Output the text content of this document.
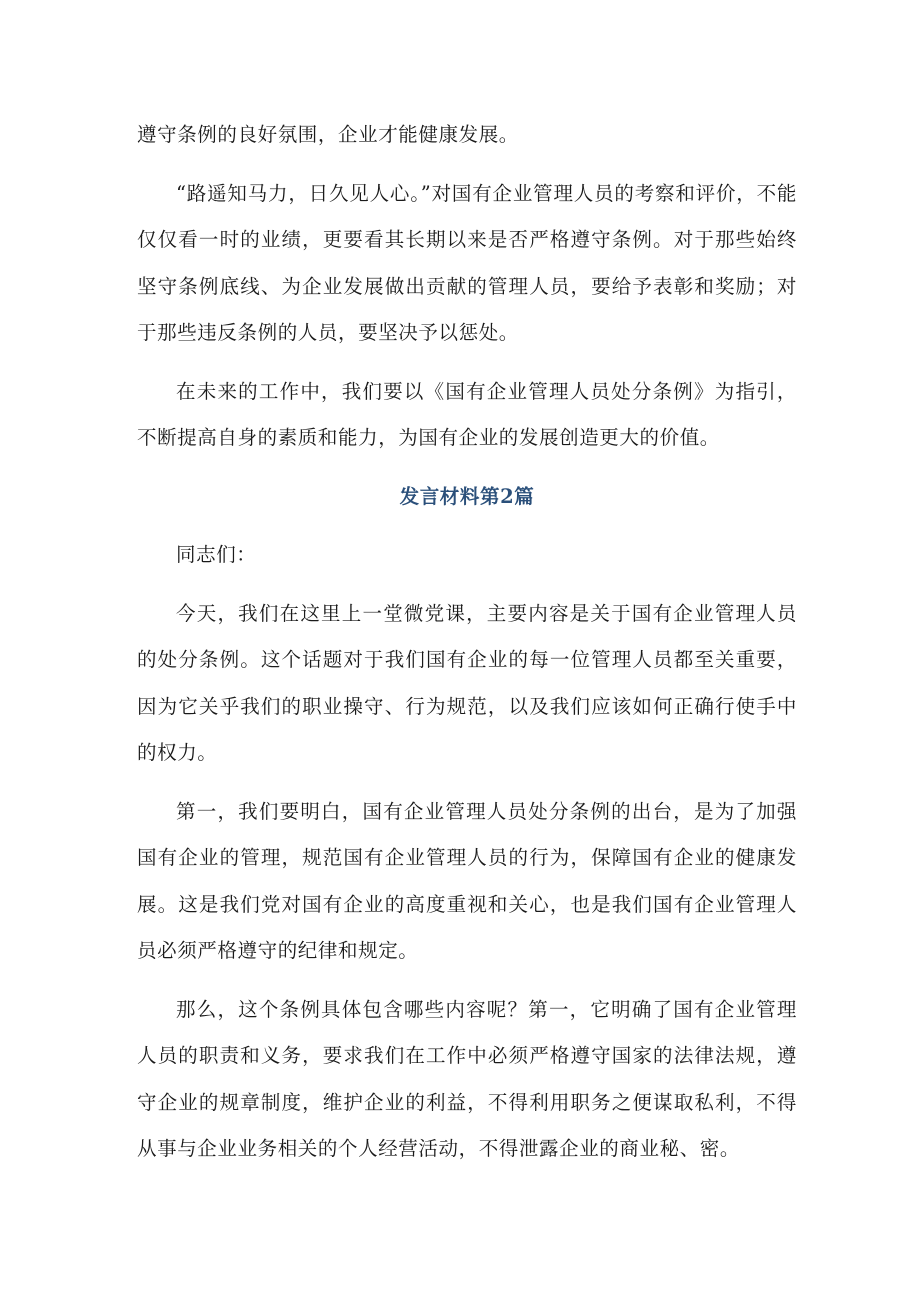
遵守条例的良好氛围，企业才能健康发展。

“路遥知马力，日久见人心。”对国有企业管理人员的考察和评价，不能仅仅看一时的业绩，更要看其长期以来是否严格遵守条例。对于那些始终坚守条例底线、为企业发展做出贡献的管理人员，要给予表彰和奖励；对于那些违反条例的人员，要坚决予以惩处。

在未来的工作中，我们要以《国有企业管理人员处分条例》为指引，不断提高自身的素质和能力，为国有企业的发展创造更大的价值。

发言材料第2篇

同志们：

今天，我们在这里上一堂微党课，主要内容是关于国有企业管理人员的处分条例。这个话题对于我们国有企业的每一位管理人员都至关重要，因为它关乎我们的职业操守、行为规范，以及我们应该如何正确行使手中的权力。

第一，我们要明白，国有企业管理人员处分条例的出台，是为了加强国有企业的管理，规范国有企业管理人员的行为，保障国有企业的健康发展。这是我们党对国有企业的高度重视和关心，也是我们国有企业管理人员必须严格遵守的纪律和规定。

那么，这个条例具体包含哪些内容呢？第一，它明确了国有企业管理人员的职责和义务，要求我们在工作中必须严格遵守国家的法律法规，遵守企业的规章制度，维护企业的利益，不得利用职务之便谋取私利，不得从事与企业业务相关的个人经营活动，不得泄露企业的商业秘、密。
